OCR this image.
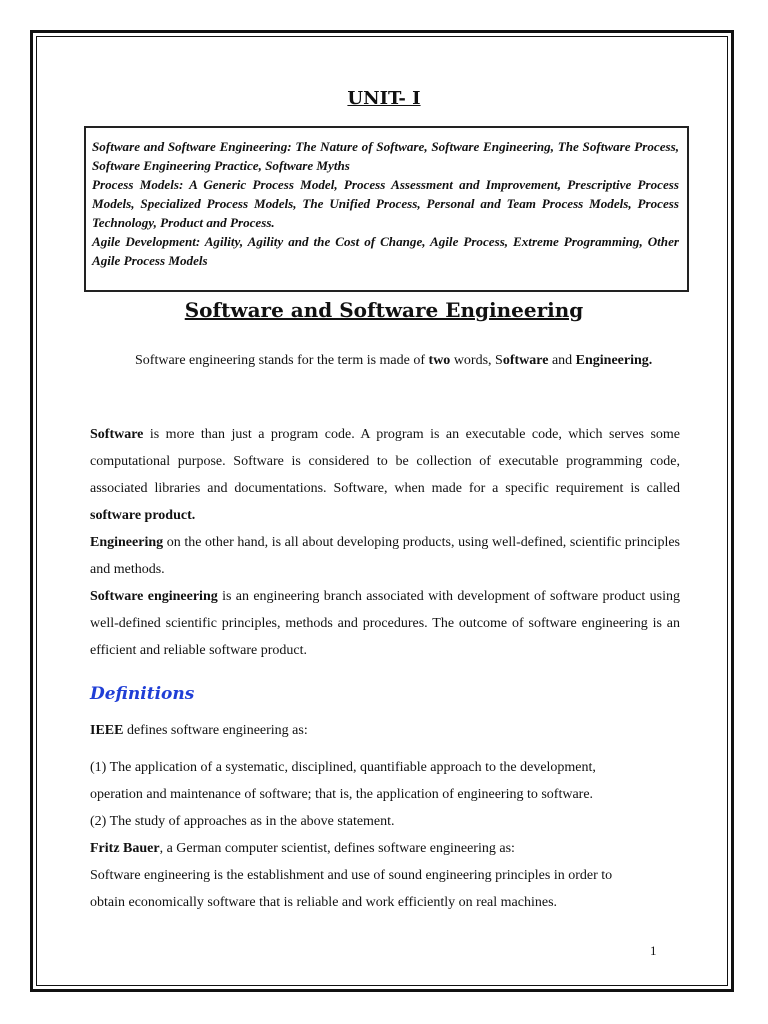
UNIT- I

Software and Software Engineering: The Nature of Software, Software Engineering, The Software Process, Software Engineering Practice, Software Myths

Process Models: A Generic Process Model, Process Assessment and Improvement, Prescriptive Process Models, Specialized Process Models, The Unified Process, Personal and Team Process Models, Process Technology, Product and Process.

Agile Development: Agility, Agility and the Cost of Change, Agile Process, Extreme Programming, Other Agile Process Models

Software and Software Engineering

Software engineering stands for the term is made of two words, Software and Engineering.

Software is more than just a program code. A program is an executable code, which serves some computational purpose. Software is considered to be collection of executable programming code, associated libraries and documentations. Software, when made for a specific requirement is called software product.

Engineering on the other hand, is all about developing products, using well-defined, scientific principles and methods.

Software engineering is an engineering branch associated with development of software product using well-defined scientific principles, methods and procedures. The outcome of software engineering is an efficient and reliable software product.

Definitions

IEEE defines software engineering as:

(1) The application of a systematic, disciplined, quantifiable approach to the development, operation and maintenance of software; that is, the application of engineering to software.

(2) The study of approaches as in the above statement.

Fritz Bauer, a German computer scientist, defines software engineering as:

Software engineering is the establishment and use of sound engineering principles in order to obtain economically software that is reliable and work efficiently on real machines.

1
